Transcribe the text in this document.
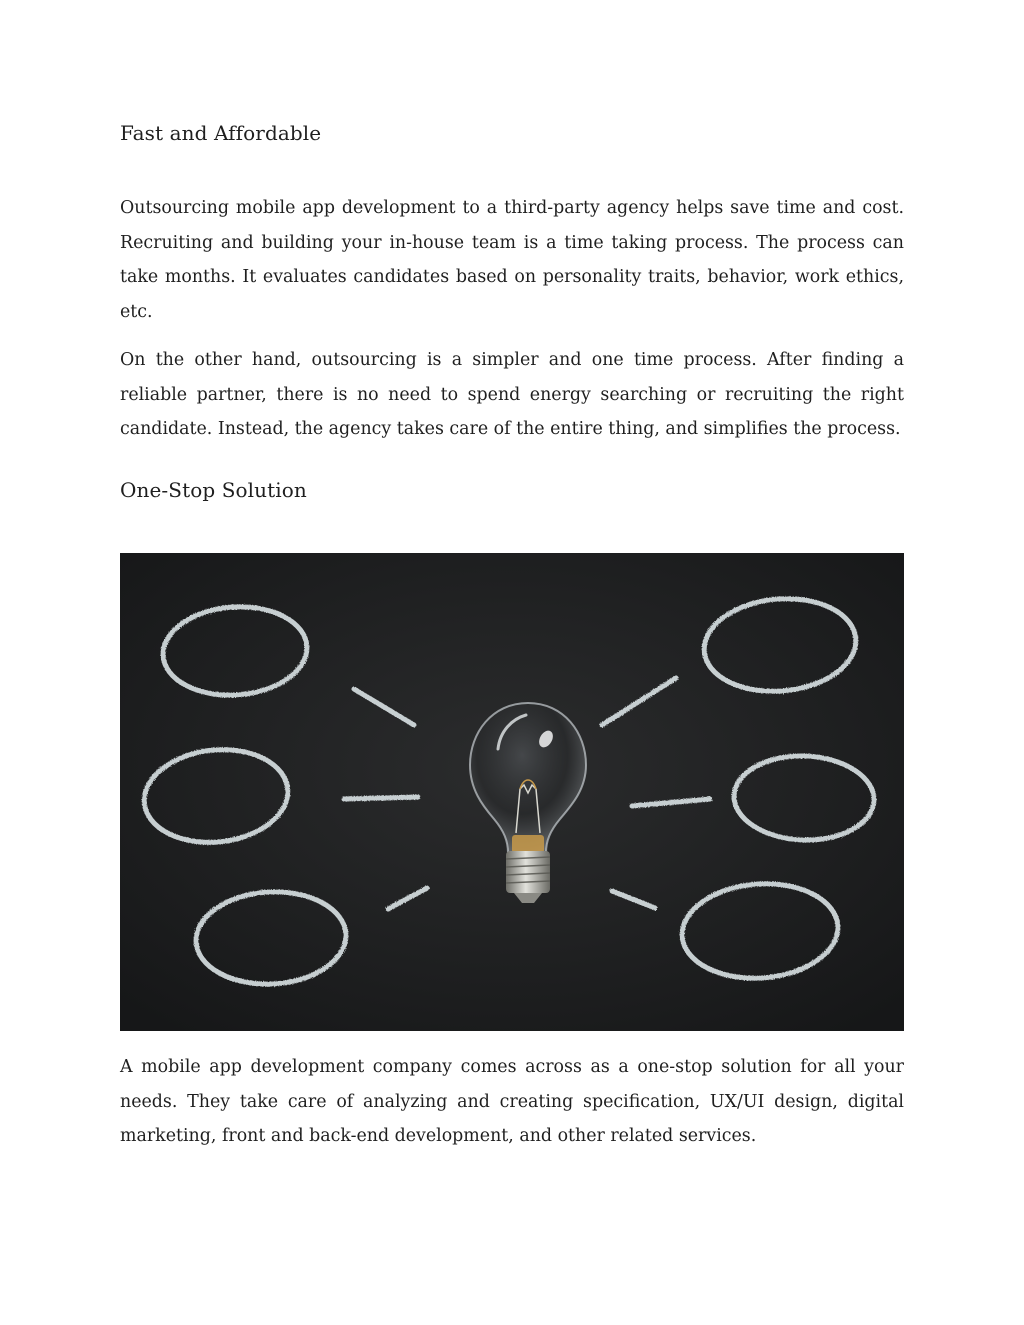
Fast and Affordable

Outsourcing mobile app development to a third-party agency helps save time and cost. Recruiting and building your in-house team is a time taking process. The process can take months. It evaluates candidates based on personality traits, behavior, work ethics, etc.

On the other hand, outsourcing is a simpler and one time process. After finding a reliable partner, there is no need to spend energy searching or recruiting the right candidate. Instead, the agency takes care of the entire thing, and simplifies the process.

One-Stop Solution

A mobile app development company comes across as a one-stop solution for all your needs. They take care of analyzing and creating specification, UX/UI design, digital marketing, front and back-end development, and other related services.
